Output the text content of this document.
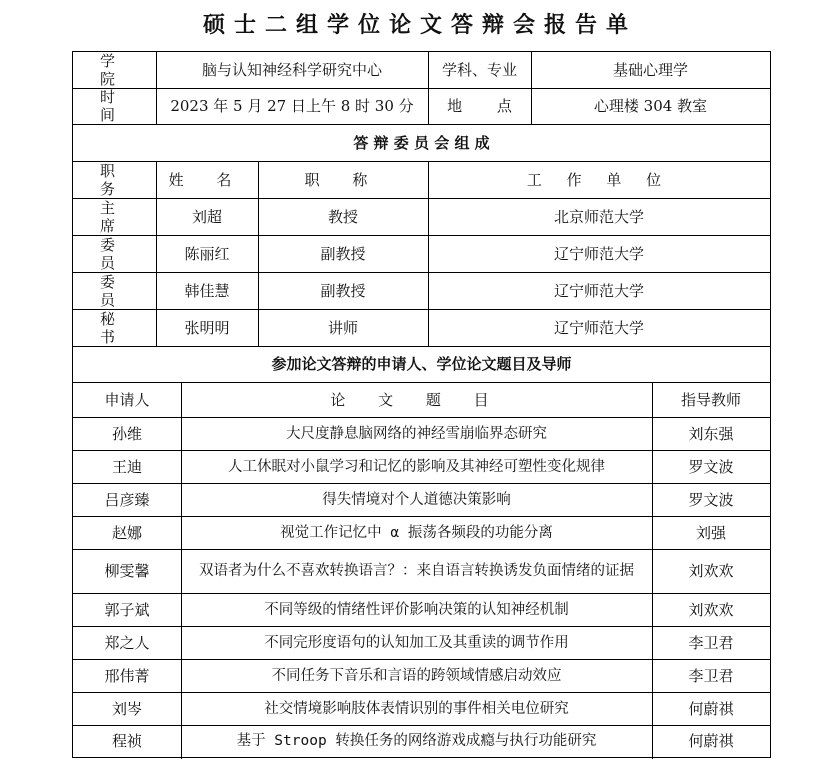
硕士二组学位论文答辩会报告单
学 院	脑与认知神经科学研究中心	学科、专业	基础心理学
时 间	2023 年 5 月 27 日上午 8 时 30 分	地 点	心理楼 304 教室
答 辩 委 员 会 组 成
职 务	姓 名	职 称	工 作 单 位
主 席	刘超	教授	北京师范大学
委 员	陈丽红	副教授	辽宁师范大学
委 员	韩佳慧	副教授	辽宁师范大学
秘 书	张明明	讲师	辽宁师范大学
参加论文答辩的申请人、学位论文题目及导师
申请人	论 文 题 目	指导教师
孙维	大尺度静息脑网络的神经雪崩临界态研究	刘东强
王迪	人工休眠对小鼠学习和记忆的影响及其神经可塑性变化规律	罗文波
吕彦臻	得失情境对个人道德决策影响	罗文波
赵娜	视觉工作记忆中 α 振荡各频段的功能分离	刘强
柳雯馨	双语者为什么不喜欢转换语言？：来自语言转换诱发负面情绪的证据	刘欢欢
郭子斌	不同等级的情绪性评价影响决策的认知神经机制	刘欢欢
郑之人	不同完形度语句的认知加工及其重读的调节作用	李卫君
邢伟菁	不同任务下音乐和言语的跨领域情感启动效应	李卫君
刘岑	社交情境影响肢体表情识别的事件相关电位研究	何蔚祺
程祯	基于 Stroop 转换任务的网络游戏成瘾与执行功能研究	何蔚祺
